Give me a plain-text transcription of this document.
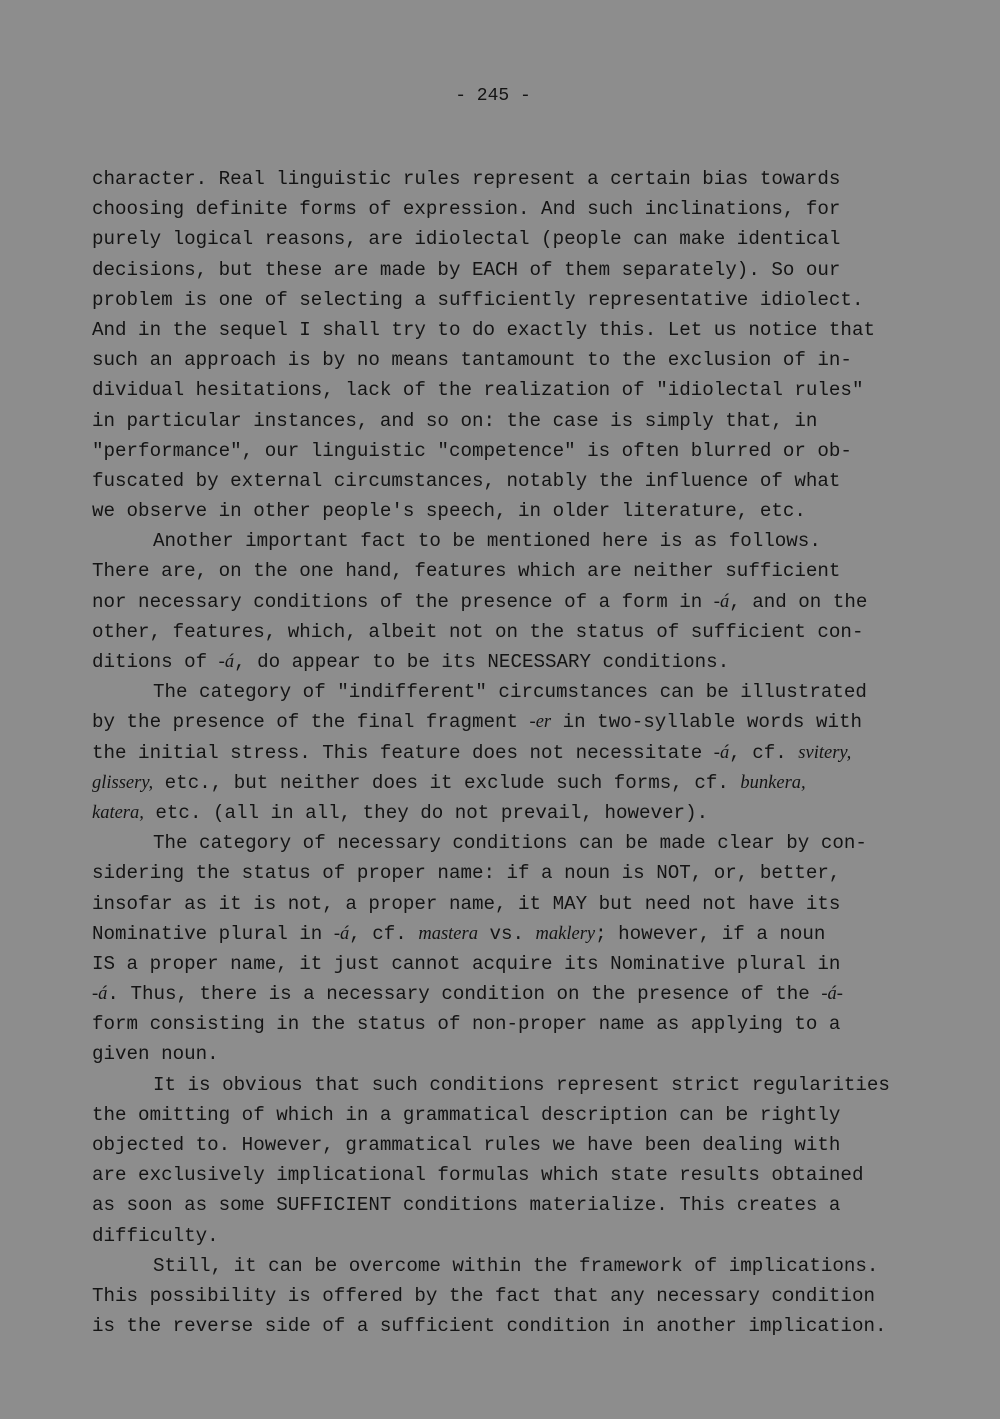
- 245 -
character. Real linguistic rules represent a certain bias towards
choosing definite forms of expression. And such inclinations, for
purely logical reasons, are idiolectal (people can make identical
decisions, but these are made by EACH of them separately). So our
problem is one of selecting a sufficiently representative idiolect.
And in the sequel I shall try to do exactly this. Let us notice that
such an approach is by no means tantamount to the exclusion of in-
dividual hesitations, lack of the realization of "idiolectal rules"
in particular instances, and so on: the case is simply that, in
"performance", our linguistic "competence" is often blurred or ob-
fuscated by external circumstances, notably the influence of what
we observe in other people's speech, in older literature, etc.
Another important fact to be mentioned here is as follows.
There are, on the one hand, features which are neither sufficient
nor necessary conditions of the presence of a form in -á, and on the
other, features, which, albeit not on the status of sufficient con-
ditions of -á, do appear to be its NECESSARY conditions.
The category of "indifferent" circumstances can be illustrated
by the presence of the final fragment -er in two-syllable words with
the initial stress. This feature does not necessitate -á, cf. svitery,
glissery, etc., but neither does it exclude such forms, cf. bunkera,
katera, etc. (all in all, they do not prevail, however).
The category of necessary conditions can be made clear by con-
sidering the status of proper name: if a noun is NOT, or, better,
insofar as it is not, a proper name, it MAY but need not have its
Nominative plural in -á, cf. mastera vs. maklery; however, if a noun
IS a proper name, it just cannot acquire its Nominative plural in
-á. Thus, there is a necessary condition on the presence of the -á-
form consisting in the status of non-proper name as applying to a
given noun.
It is obvious that such conditions represent strict regularities
the omitting of which in a grammatical description can be rightly
objected to. However, grammatical rules we have been dealing with
are exclusively implicational formulas which state results obtained
as soon as some SUFFICIENT conditions materialize. This creates a
difficulty.
Still, it can be overcome within the framework of implications.
This possibility is offered by the fact that any necessary condition
is the reverse side of a sufficient condition in another implication.
